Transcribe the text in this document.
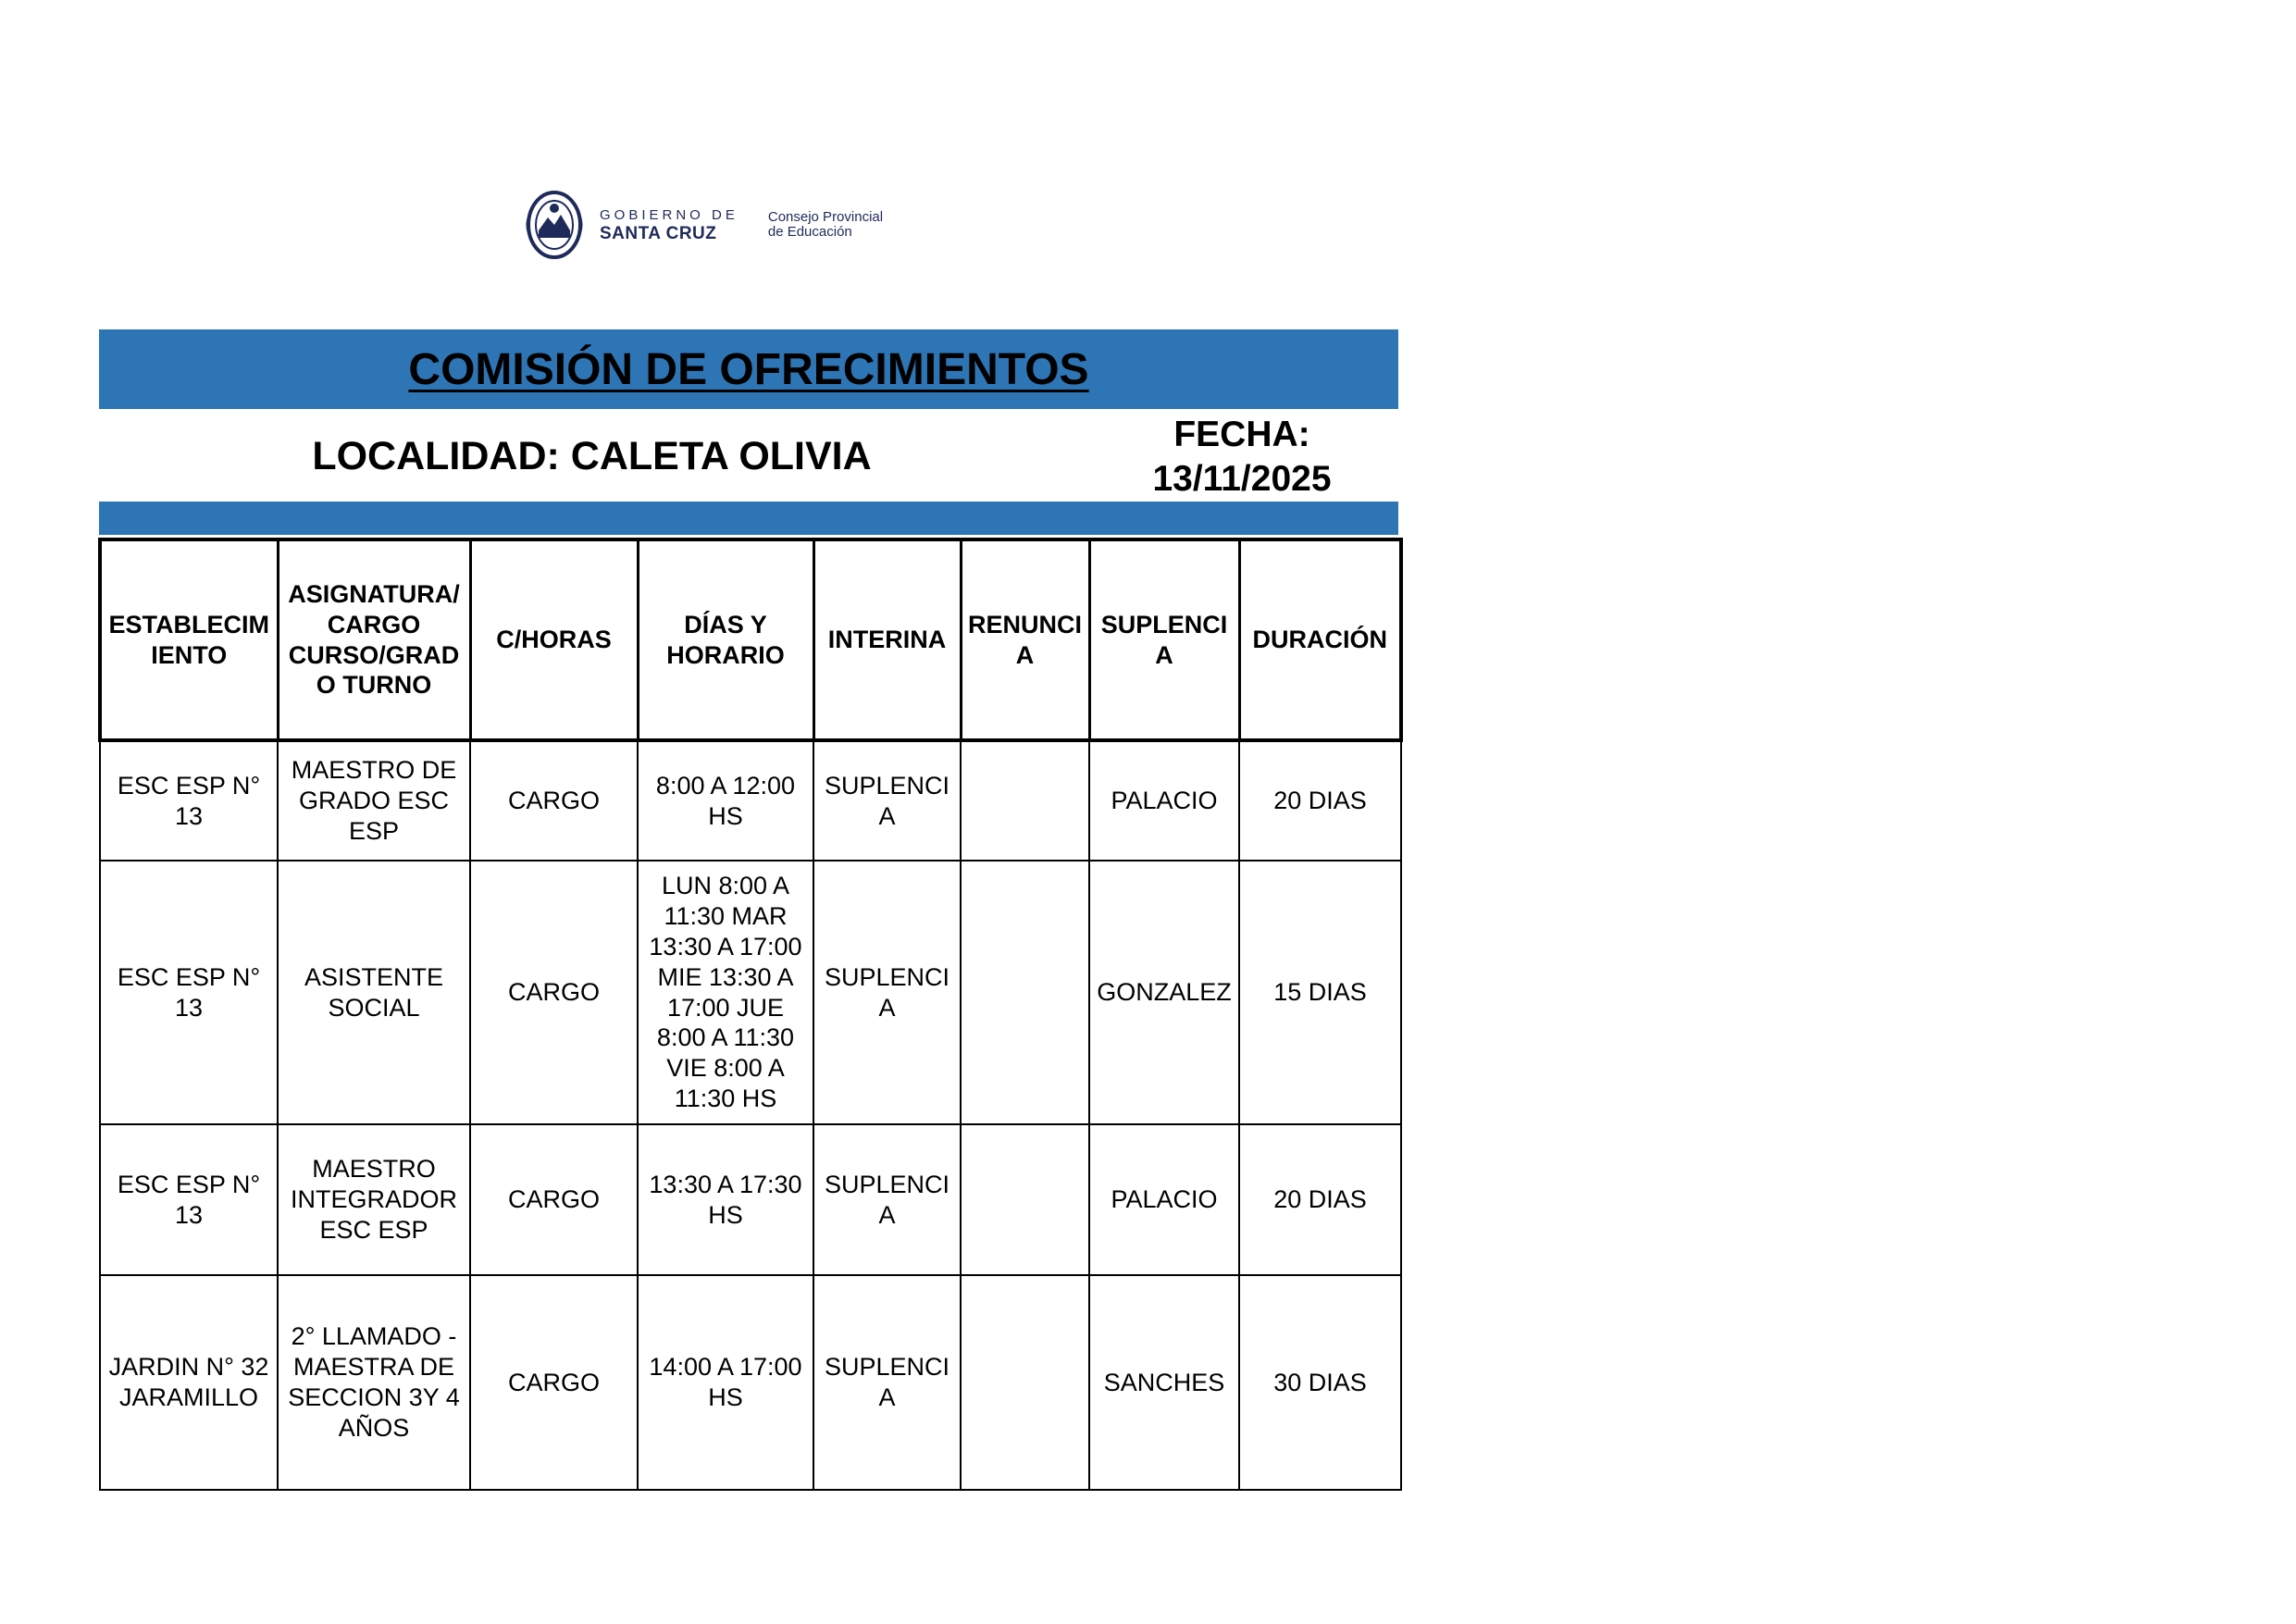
GOBIERNO DE
SANTA CRUZ
Consejo Provincial
de Educación
COMISIÓN DE OFRECIMIENTOS
LOCALIDAD: CALETA OLIVIA	FECHA:
13/11/2025
ESTABLECIM IENTO	ASIGNATURA/ CARGO CURSO/GRAD O TURNO	C/HORAS	DÍAS Y HORARIO	INTERINA	RENUNCI A	SUPLENCI A	DURACIÓN
ESC ESP N° 13	MAESTRO DE GRADO ESC ESP	CARGO	8:00 A 12:00 HS	SUPLENCI A		PALACIO	20 DIAS
ESC ESP N° 13	ASISTENTE SOCIAL	CARGO	LUN 8:00 A 11:30 MAR 13:30 A 17:00 MIE 13:30 A 17:00 JUE 8:00 A 11:30 VIE 8:00 A 11:30 HS	SUPLENCI A		GONZALEZ	15 DIAS
ESC ESP N° 13	MAESTRO INTEGRADOR ESC ESP	CARGO	13:30 A 17:30 HS	SUPLENCI A		PALACIO	20 DIAS
JARDIN N° 32 JARAMILLO	2° LLAMADO - MAESTRA DE SECCION 3Y 4 AÑOS	CARGO	14:00 A 17:00 HS	SUPLENCI A		SANCHES	30 DIAS
